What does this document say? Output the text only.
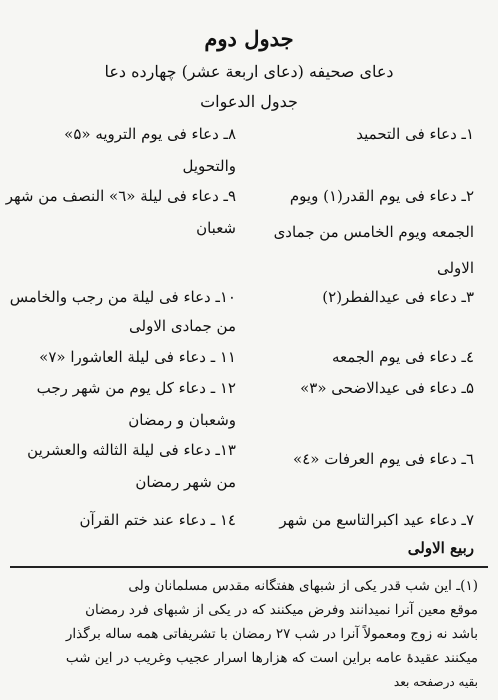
جدول دوم
دعای صحیفه (دعای اربعة عشر) چهارده دعا
جدول الدعوات
۱ـ دعاء فی التحمید
۲ـ دعاء فی یوم القدر(۱) ویوم
الجمعه ویوم الخامس من جمادی
الاولی
۳ـ دعاء فی عیدالفطر(۲)
٤ـ دعاء فی یوم الجمعه
۵ـ دعاء فی عیدالاضحی «۳»
٦ـ دعاء فی یوم العرفات «٤»
۷ـ دعاء عید اکبرالتاسع من شهر
ربیع الاولی
۸ـ دعاء فی یوم الترویه «۵»
والتحویل
۹ـ دعاء فی لیلة «٦» النصف من شهر
شعبان
۱۰ـ دعاء فی لیلة من رجب والخامس
من جمادی الاولی
۱۱ ـ دعاء فی لیلة العاشورا «۷»
۱۲ ـ دعاء کل یوم من شهر رجب
وشعبان و رمضان
۱۳ـ دعاء فی لیلة الثالثه والعشرین
من شهر رمضان
۱٤ ـ دعاء عند ختم القرآن
(۱)ـ این شب قدر یکی از شبهای هفتگانه مقدس مسلمانان ولی
موقع معین آنرا نمیدانند وفرض میکنند که در یکی از شبهای فرد رمضان
باشد نه زوج ومعمولاً آنرا در شب ۲۷ رمضان با تشریفاتی همه ساله برگذار
میکنند عقیدهٔ عامه براین است که هزارها اسرار عجیب وغریب در این شب
بقیه درصفحه بعد
